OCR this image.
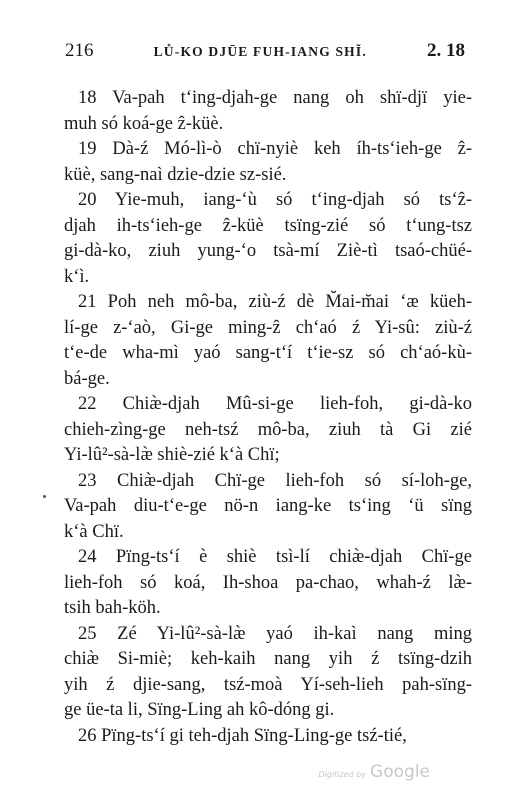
216	LŮ-KO DJŪE FUH-IANG SHĬ.	2. 18
18 Va-pah t‘ing-djah-ge nang oh shï-djï yie-
muh só koá-ge ẑ-küè.
19 Dà-ź Mó-lì-ò chï-nyiè keh íh-ts‘ieh-ge ẑ-
küè, sang-naì dzie-dzie sz-sié.
20 Yie-muh, iang-‘ù só t‘ing-djah só ts‘ẑ-
djah ih-ts‘ieh-ge ẑ-küè tsïng-zié só t‘ung-tsz
gi-dà-ko, ziuh yung-‘o tsà-mí Ziè-tì tsaó-chüé-
k‘ì.
21 Poh neh mô-ba, ziù-ź dè M̆ai-m̆ai ‘æ küeh-
lí-ge z-‘aò, Gi-ge ming-ẑ ch‘aó ź Yi-sû: ziù-ź
t‘e-de wha-mì yaó sang-t‘í t‘ie-sz só ch‘aó-kù-
bá-ge.
22 Chiæ̀-djah Mû-si-ge lieh-foh, gi-dà-ko
chieh-zìng-ge neh-tsź mô-ba, ziuh tà Gi zié
Yi-lû²-sà-læ̀ shiè-zié k‘à Chï;
23 Chiæ̀-djah Chï-ge lieh-foh só sí-loh-ge,
Va-pah diu-t‘e-ge nö-n iang-ke ts‘ing ‘ü sïng
k‘à Chï.
24 Pïng-ts‘í è shiè tsì-lí chiæ̀-djah Chï-ge
lieh-foh só koá, Ih-shoa pa-chao, whah-ź læ̀-
tsih bah-köh.
25 Zé Yi-lû²-sà-læ̀ yaó ih-kaì nang ming
chiæ̀ Si-miè; keh-kaih nang yih ź tsïng-dzih
yih ź djie-sang, tsź-moà Yí-seh-lieh pah-sïng-
ge üe-ta li, Sïng-Ling ah kô-dóng gi.
26 Pïng-ts‘í gi teh-djah Sïng-Ling-ge tsź-tié,
Digitized by Google
